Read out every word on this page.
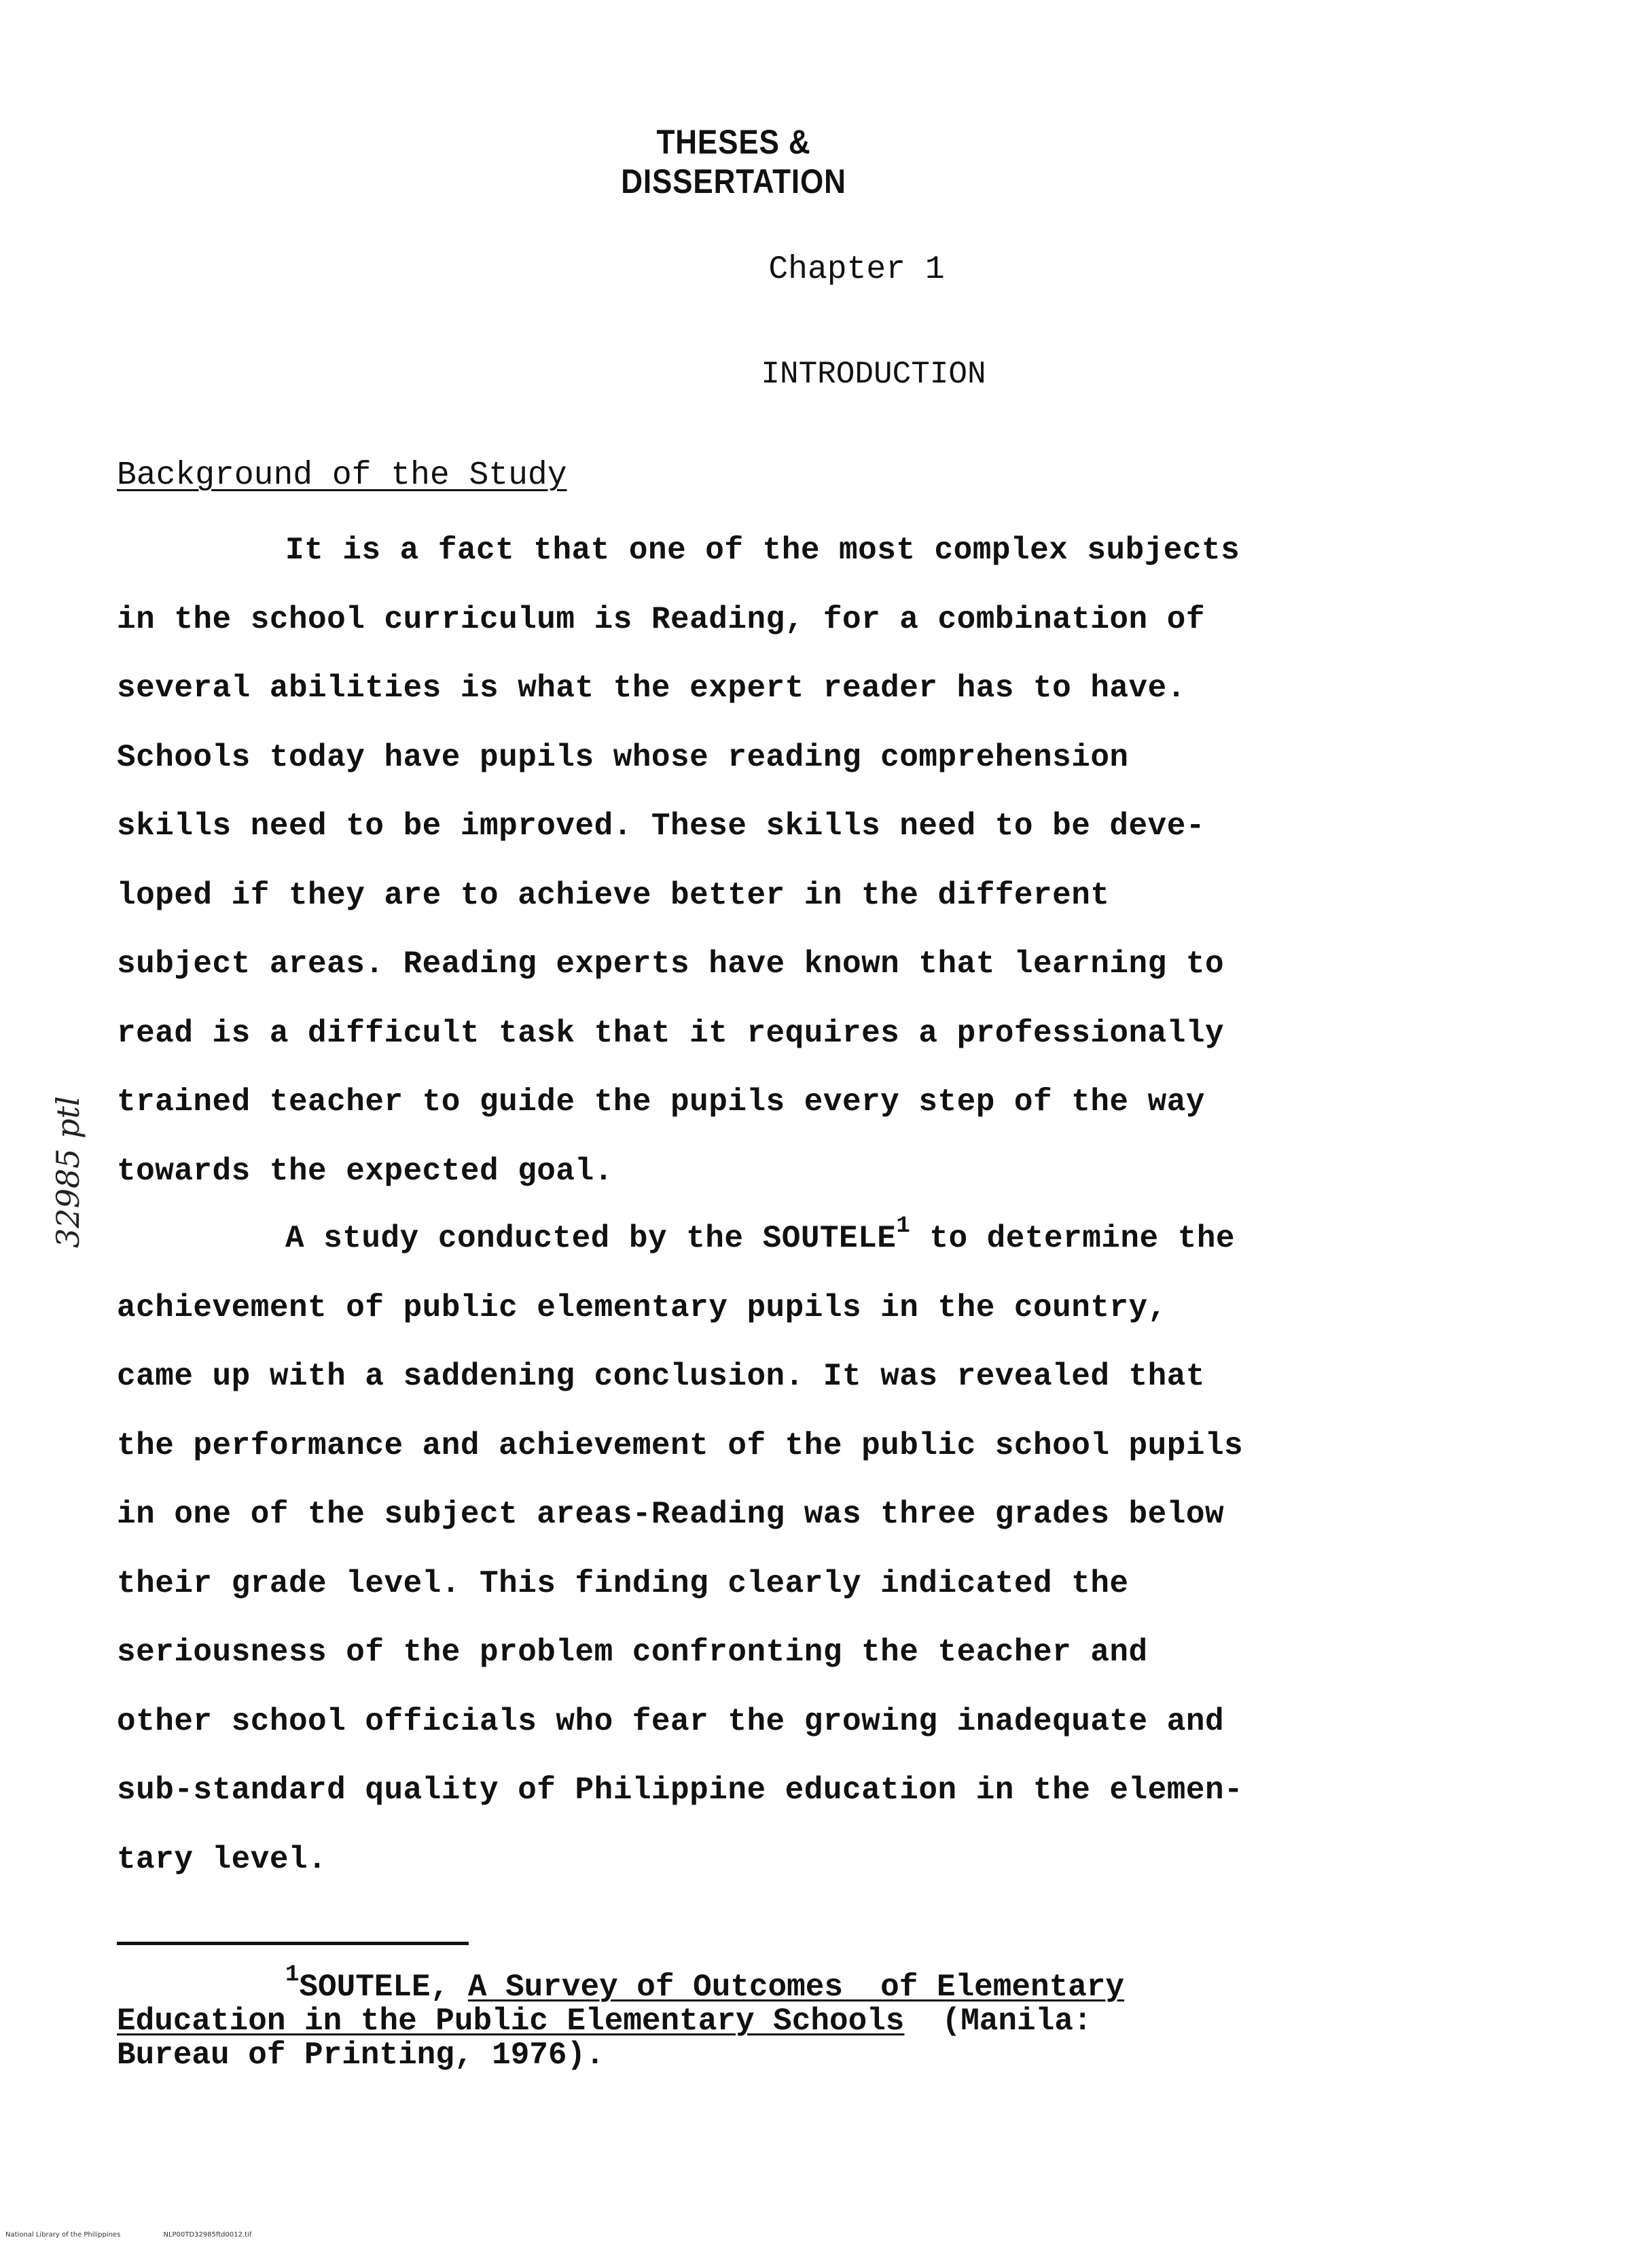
THESES & DISSERTATION
Chapter 1
INTRODUCTION
Background of the Study
It is a fact that one of the most complex subjects
in the school curriculum is Reading, for a combination of
several abilities is what the expert reader has to have.
Schools today have pupils whose reading comprehension
skills need to be improved. These skills need to be deve-
loped if they are to achieve better in the different
subject areas. Reading experts have known that learning to
read is a difficult task that it requires a professionally
trained teacher to guide the pupils every step of the way
towards the expected goal.
A study conducted by the SOUTELE$^1$ to determine the
achievement of public elementary pupils in the country,
came up with a saddening conclusion. It was revealed that
the performance and achievement of the public school pupils
in one of the subject areas-Reading was three grades below
their grade level. This finding clearly indicated the
seriousness of the problem confronting the teacher and
other school officials who fear the growing inadequate and
sub-standard quality of Philippine education in the elemen-
tary level.
$^1$SOUTELE, A Survey of Outcomes  of Elementary
Education in the Public Elementary Schools  (Manila:
Bureau of Printing, 1976).
32985 ptl
National Library of the Philippines	NLP00TD32985ftd0012.tif
